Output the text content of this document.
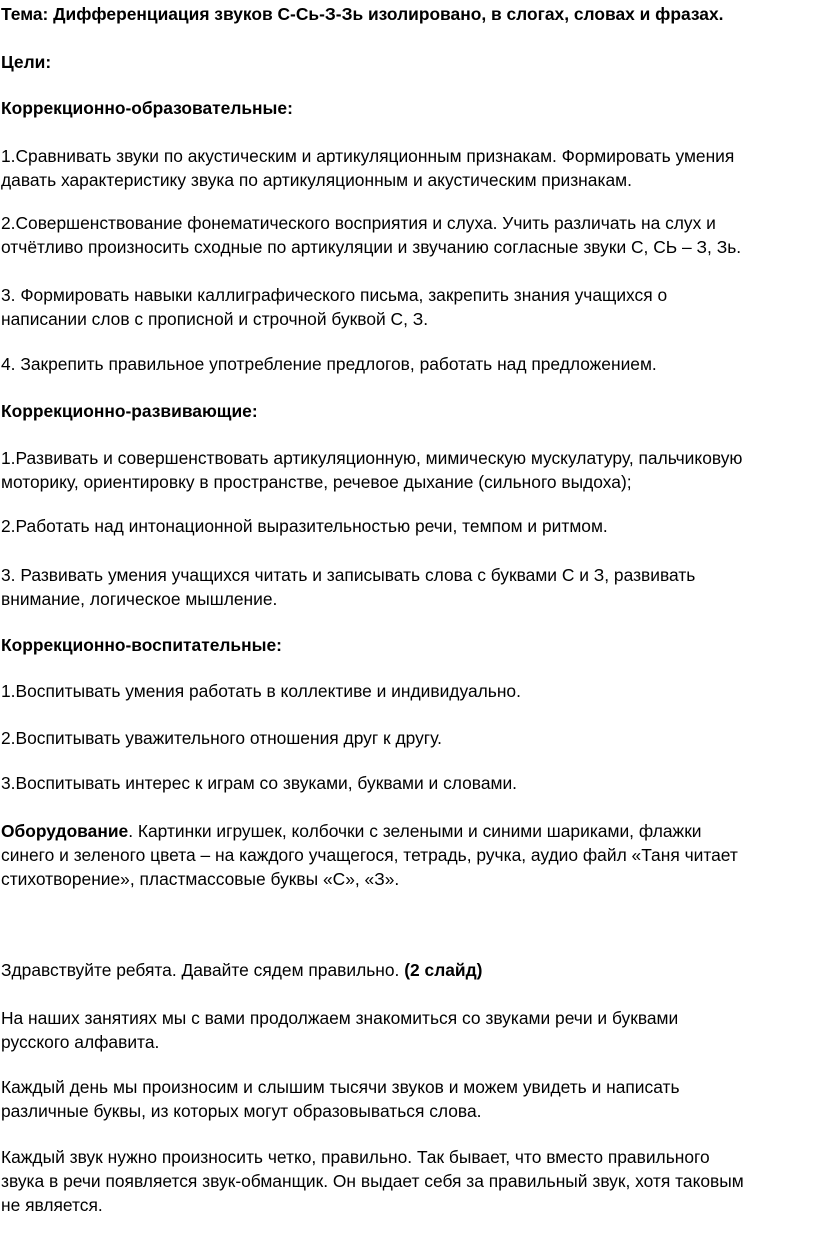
Тема: Дифференциация звуков С-Сь-З-Зь изолировано, в слогах, словах и фразах.
Цели:
Коррекционно-образовательные:
1.Сравнивать звуки по акустическим и артикуляционным признакам. Формировать умения
давать характеристику звука по артикуляционным и акустическим признакам.
2.Совершенствование фонематического восприятия и слуха. Учить различать на слух и
отчётливо произносить сходные по артикуляции и звучанию согласные звуки С, СЬ – З, Зь.
3. Формировать навыки каллиграфического письма, закрепить знания учащихся о
написании слов с прописной и строчной буквой С, З.
4. Закрепить правильное употребление предлогов, работать над предложением.
Коррекционно-развивающие:
1.Развивать и совершенствовать артикуляционную, мимическую мускулатуру, пальчиковую
моторику, ориентировку в пространстве, речевое дыхание (сильного выдоха);
2.Работать над интонационной выразительностью речи, темпом и ритмом.
3. Развивать умения учащихся читать и записывать слова с буквами С и З, развивать
внимание, логическое мышление.
Коррекционно-воспитательные:
1.Воспитывать умения работать в коллективе и индивидуально.
2.Воспитывать уважительного отношения друг к другу.
3.Воспитывать интерес к играм со звуками, буквами и словами.
Оборудование. Картинки игрушек, колбочки с зелеными и синими шариками, флажки
синего и зеленого цвета – на каждого учащегося, тетрадь, ручка, аудио файл «Таня читает
стихотворение», пластмассовые буквы «С», «З».
Здравствуйте ребята. Давайте сядем правильно. (2 слайд)
На наших занятиях мы с вами продолжаем знакомиться со звуками речи и буквами
русского алфавита.
Каждый день мы произносим и слышим тысячи звуков и можем увидеть и написать
различные буквы, из которых могут образовываться слова.
Каждый звук нужно произносить четко, правильно. Так бывает, что вместо правильного
звука в речи появляется звук-обманщик. Он выдает себя за правильный звук, хотя таковым
не является.
